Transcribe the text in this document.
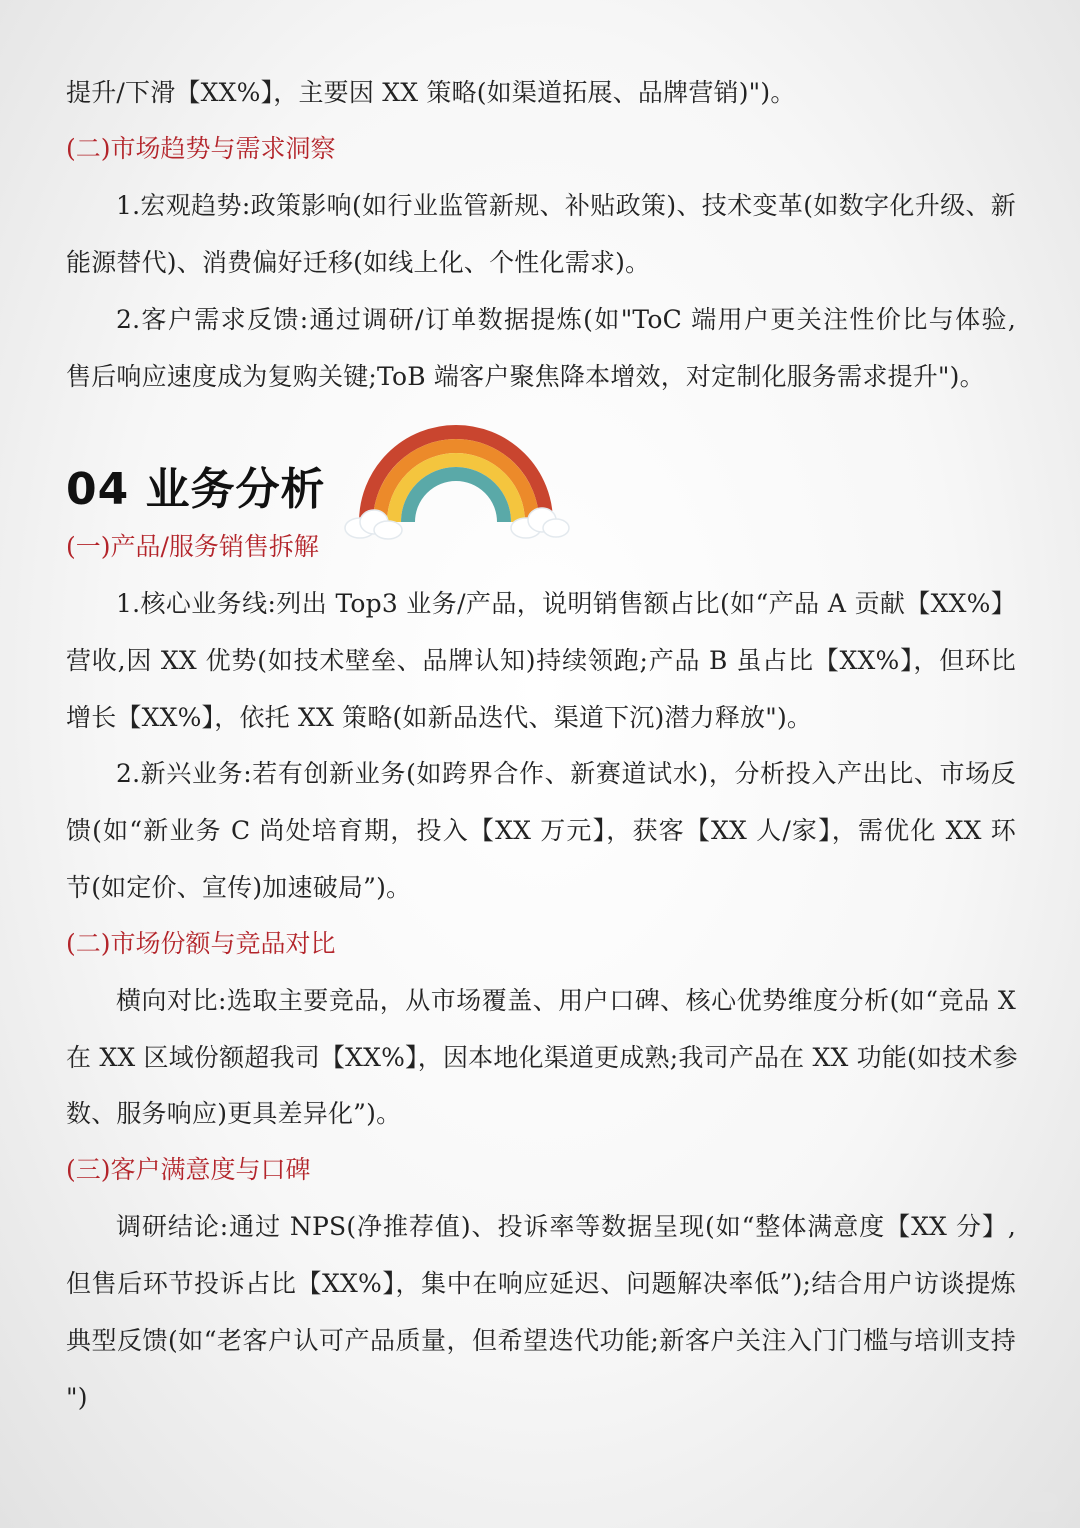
提升/下滑【XX%】，主要因 XX 策略(如渠道拓展、品牌营销)")。
(二)市场趋势与需求洞察
1.宏观趋势:政策影响(如行业监管新规、补贴政策)、技术变革(如数字化升级、新
能源替代)、消费偏好迁移(如线上化、个性化需求)。
2.客户需求反馈:通过调研/订单数据提炼(如"ToC 端用户更关注性价比与体验,
售后响应速度成为复购关键;ToB 端客户聚焦降本增效，对定制化服务需求提升")。
04 业务分析
(一)产品/服务销售拆解
1.核心业务线:列出 Top3 业务/产品，说明销售额占比(如“产品 A 贡献【XX%】
营收,因 XX 优势(如技术壁垒、品牌认知)持续领跑;产品 B 虽占比【XX%】，但环比
增长【XX%】，依托 XX 策略(如新品迭代、渠道下沉)潜力释放")。
2.新兴业务:若有创新业务(如跨界合作、新赛道试水)，分析投入产出比、市场反
馈(如“新业务 C 尚处培育期，投入【XX 万元】，获客【XX 人/家】，需优化 XX 环
节(如定价、宣传)加速破局”)。
(二)市场份额与竞品对比
横向对比:选取主要竞品，从市场覆盖、用户口碑、核心优势维度分析(如“竞品 X
在 XX 区域份额超我司【XX%】，因本地化渠道更成熟;我司产品在 XX 功能(如技术参
数、服务响应)更具差异化”)。
(三)客户满意度与口碑
调研结论:通过 NPS(净推荐值)、投诉率等数据呈现(如“整体满意度【XX 分】,
但售后环节投诉占比【XX%】，集中在响应延迟、问题解决率低”);结合用户访谈提炼
典型反馈(如“老客户认可产品质量，但希望迭代功能;新客户关注入门门槛与培训支持
")
